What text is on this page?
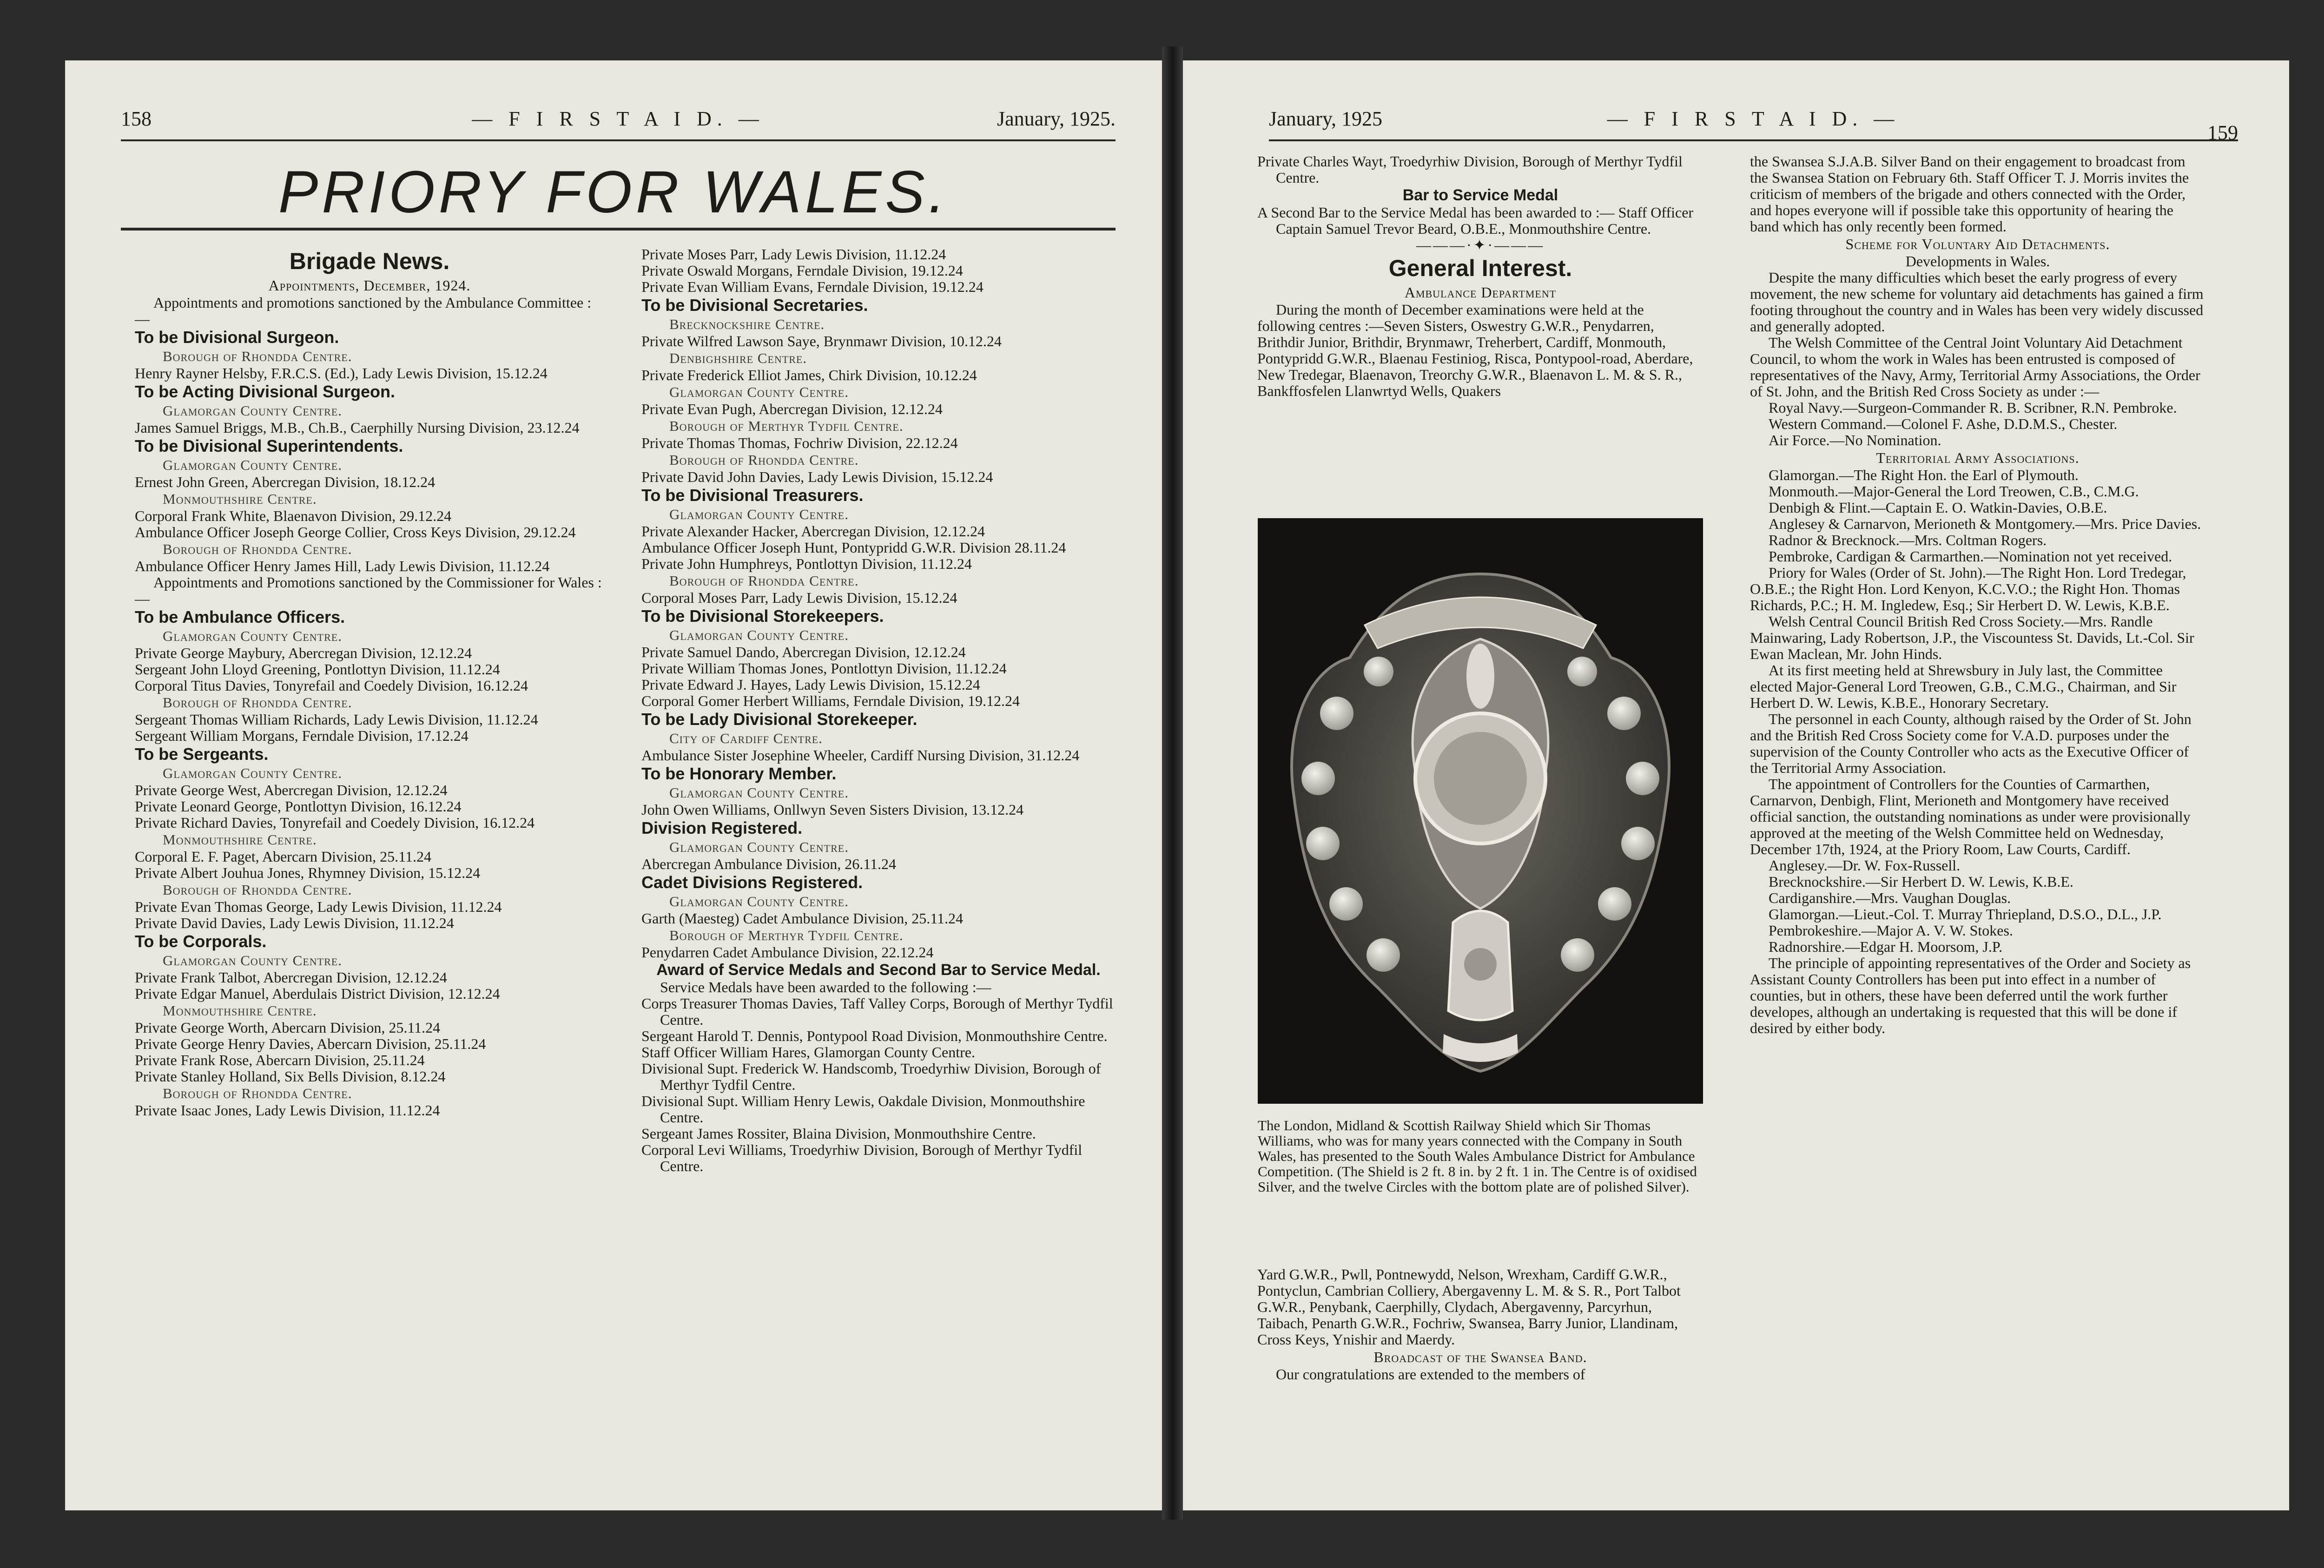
158	— F I R S T A I D. —	January, 1925.
PRIORY FOR WALES.

Brigade News.

Appointments, December, 1924.

Appointments and promotions sanctioned by the Ambulance Committee :—

To be Divisional Surgeon.

Borough of Rhondda Centre.

Henry Rayner Helsby, F.R.C.S. (Ed.), Lady Lewis Division, 15.12.24

To be Acting Divisional Surgeon.

Glamorgan County Centre.

James Samuel Briggs, M.B., Ch.B., Caerphilly Nursing Division, 23.12.24

To be Divisional Superintendents.

Glamorgan County Centre.

Ernest John Green, Abercregan Division, 18.12.24

Monmouthshire Centre.

Corporal Frank White, Blaenavon Division, 29.12.24

Ambulance Officer Joseph George Collier, Cross Keys Division, 29.12.24

Borough of Rhondda Centre.

Ambulance Officer Henry James Hill, Lady Lewis Division, 11.12.24

Appointments and Promotions sanctioned by the Commissioner for Wales :—

To be Ambulance Officers.

Glamorgan County Centre.

Private George Maybury, Abercregan Division, 12.12.24

Sergeant John Lloyd Greening, Pontlottyn Division, 11.12.24

Corporal Titus Davies, Tonyrefail and Coedely Division, 16.12.24

Borough of Rhondda Centre.

Sergeant Thomas William Richards, Lady Lewis Division, 11.12.24

Sergeant William Morgans, Ferndale Division, 17.12.24

To be Sergeants.

Glamorgan County Centre.

Private George West, Abercregan Division, 12.12.24

Private Leonard George, Pontlottyn Division, 16.12.24

Private Richard Davies, Tonyrefail and Coedely Division, 16.12.24

Monmouthshire Centre.

Corporal E. F. Paget, Abercarn Division, 25.11.24

Private Albert Jouhua Jones, Rhymney Division, 15.12.24

Borough of Rhondda Centre.

Private Evan Thomas George, Lady Lewis Division, 11.12.24

Private David Davies, Lady Lewis Division, 11.12.24

To be Corporals.

Glamorgan County Centre.

Private Frank Talbot, Abercregan Division, 12.12.24

Private Edgar Manuel, Aberdulais District Division, 12.12.24

Monmouthshire Centre.

Private George Worth, Abercarn Division, 25.11.24

Private George Henry Davies, Abercarn Division, 25.11.24

Private Frank Rose, Abercarn Division, 25.11.24

Private Stanley Holland, Six Bells Division, 8.12.24

Borough of Rhondda Centre.

Private Isaac Jones, Lady Lewis Division, 11.12.24

Private Moses Parr, Lady Lewis Division, 11.12.24

Private Oswald Morgans, Ferndale Division, 19.12.24

Private Evan William Evans, Ferndale Division, 19.12.24

To be Divisional Secretaries.

Brecknockshire Centre.

Private Wilfred Lawson Saye, Brynmawr Division, 10.12.24

Denbighshire Centre.

Private Frederick Elliot James, Chirk Division, 10.12.24

Glamorgan County Centre.

Private Evan Pugh, Abercregan Division, 12.12.24

Borough of Merthyr Tydfil Centre.

Private Thomas Thomas, Fochriw Division, 22.12.24

Borough of Rhondda Centre.

Private David John Davies, Lady Lewis Division, 15.12.24

To be Divisional Treasurers.

Glamorgan County Centre.

Private Alexander Hacker, Abercregan Division, 12.12.24

Ambulance Officer Joseph Hunt, Pontypridd G.W.R. Division 28.11.24

Private John Humphreys, Pontlottyn Division, 11.12.24

Borough of Rhondda Centre.

Corporal Moses Parr, Lady Lewis Division, 15.12.24

To be Divisional Storekeepers.

Glamorgan County Centre.

Private Samuel Dando, Abercregan Division, 12.12.24

Private William Thomas Jones, Pontlottyn Division, 11.12.24

Private Edward J. Hayes, Lady Lewis Division, 15.12.24

Corporal Gomer Herbert Williams, Ferndale Division, 19.12.24

To be Lady Divisional Storekeeper.

City of Cardiff Centre.

Ambulance Sister Josephine Wheeler, Cardiff Nursing Division, 31.12.24

To be Honorary Member.

Glamorgan County Centre.

John Owen Williams, Onllwyn Seven Sisters Division, 13.12.24

Division Registered.

Glamorgan County Centre.

Abercregan Ambulance Division, 26.11.24

Cadet Divisions Registered.

Glamorgan County Centre.

Garth (Maesteg) Cadet Ambulance Division, 25.11.24

Borough of Merthyr Tydfil Centre.

Penydarren Cadet Ambulance Division, 22.12.24

Award of Service Medals and Second Bar to Service Medal.

Service Medals have been awarded to the following :—

Corps Treasurer Thomas Davies, Taff Valley Corps, Borough of Merthyr Tydfil Centre.

Sergeant Harold T. Dennis, Pontypool Road Division, Monmouthshire Centre.

Staff Officer William Hares, Glamorgan County Centre.

Divisional Supt. Frederick W. Handscomb, Troedyrhiw Division, Borough of Merthyr Tydfil Centre.

Divisional Supt. William Henry Lewis, Oakdale Division, Monmouthshire Centre.

Sergeant James Rossiter, Blaina Division, Monmouthshire Centre.

Corporal Levi Williams, Troedyrhiw Division, Borough of Merthyr Tydfil Centre.

January, 1925	— F I R S T A I D. —
159

Private Charles Wayt, Troedyrhiw Division, Borough of Merthyr Tydfil Centre.

Bar to Service Medal

A Second Bar to the Service Medal has been awarded to :— Staff Officer Captain Samuel Trevor Beard, O.B.E., Monmouthshire Centre.

———·✦·———

General Interest.

Ambulance Department

During the month of December examinations were held at the following centres :—Seven Sisters, Oswestry G.W.R., Penydarren, Brithdir Junior, Brithdir, Brynmawr, Treherbert, Cardiff, Monmouth, Pontypridd G.W.R., Blaenau Festiniog, Risca, Pontypool-road, Aberdare, New Tredegar, Blaenavon, Treorchy G.W.R., Blaenavon L. M. & S. R., Bankffosfelen Llanwrtyd Wells, Quakers

The London, Midland & Scottish Railway Shield which Sir Thomas Williams, who was for many years connected with the Company in South Wales, has presented to the South Wales Ambulance District for Ambulance Competition. (The Shield is 2 ft. 8 in. by 2 ft. 1 in. The Centre is of oxidised Silver, and the twelve Circles with the bottom plate are of polished Silver).

Yard G.W.R., Pwll, Pontnewydd, Nelson, Wrexham, Cardiff G.W.R., Pontyclun, Cambrian Colliery, Abergavenny L. M. & S. R., Port Talbot G.W.R., Penybank, Caerphilly, Clydach, Abergavenny, Parcyrhun, Taibach, Penarth G.W.R., Fochriw, Swansea, Barry Junior, Llandinam, Cross Keys, Ynishir and Maerdy.

Broadcast of the Swansea Band.

Our congratulations are extended to the members of

the Swansea S.J.A.B. Silver Band on their engagement to broadcast from the Swansea Station on February 6th. Staff Officer T. J. Morris invites the criticism of members of the brigade and others connected with the Order, and hopes everyone will if possible take this opportunity of hearing the band which has only recently been formed.

Scheme for Voluntary Aid Detachments.

Developments in Wales.

Despite the many difficulties which beset the early progress of every movement, the new scheme for voluntary aid detachments has gained a firm footing throughout the country and in Wales has been very widely discussed and generally adopted.

The Welsh Committee of the Central Joint Voluntary Aid Detachment Council, to whom the work in Wales has been entrusted is composed of representatives of the Navy, Army, Territorial Army Associations, the Order of St. John, and the British Red Cross Society as under :—

Royal Navy.—Surgeon-Commander R. B. Scribner, R.N. Pembroke.

Western Command.—Colonel F. Ashe, D.D.M.S., Chester.

Air Force.—No Nomination.

Territorial Army Associations.

Glamorgan.—The Right Hon. the Earl of Plymouth.

Monmouth.—Major-General the Lord Treowen, C.B., C.M.G.

Denbigh & Flint.—Captain E. O. Watkin-Davies, O.B.E.

Anglesey & Carnarvon, Merioneth & Montgomery.—Mrs. Price Davies.

Radnor & Brecknock.—Mrs. Coltman Rogers.

Pembroke, Cardigan & Carmarthen.—Nomination not yet received.

Priory for Wales (Order of St. John).—The Right Hon. Lord Tredegar, O.B.E.; the Right Hon. Lord Kenyon, K.C.V.O.; the Right Hon. Thomas Richards, P.C.; H. M. Ingledew, Esq.; Sir Herbert D. W. Lewis, K.B.E.

Welsh Central Council British Red Cross Society.—Mrs. Randle Mainwaring, Lady Robertson, J.P., the Viscountess St. Davids, Lt.-Col. Sir Ewan Maclean, Mr. John Hinds.

At its first meeting held at Shrewsbury in July last, the Committee elected Major-General Lord Treowen, G.B., C.M.G., Chairman, and Sir Herbert D. W. Lewis, K.B.E., Honorary Secretary.

The personnel in each County, although raised by the Order of St. John and the British Red Cross Society come for V.A.D. purposes under the supervision of the County Controller who acts as the Executive Officer of the Territorial Army Association.

The appointment of Controllers for the Counties of Carmarthen, Carnarvon, Denbigh, Flint, Merioneth and Montgomery have received official sanction, the outstanding nominations as under were provisionally approved at the meeting of the Welsh Committee held on Wednesday, December 17th, 1924, at the Priory Room, Law Courts, Cardiff.

Anglesey.—Dr. W. Fox-Russell.

Brecknockshire.—Sir Herbert D. W. Lewis, K.B.E.

Cardiganshire.—Mrs. Vaughan Douglas.

Glamorgan.—Lieut.-Col. T. Murray Thriepland, D.S.O., D.L., J.P.

Pembrokeshire.—Major A. V. W. Stokes.

Radnorshire.—Edgar H. Moorsom, J.P.

The principle of appointing representatives of the Order and Society as Assistant County Controllers has been put into effect in a number of counties, but in others, these have been deferred until the work further developes, although an undertaking is requested that this will be done if desired by either body.
